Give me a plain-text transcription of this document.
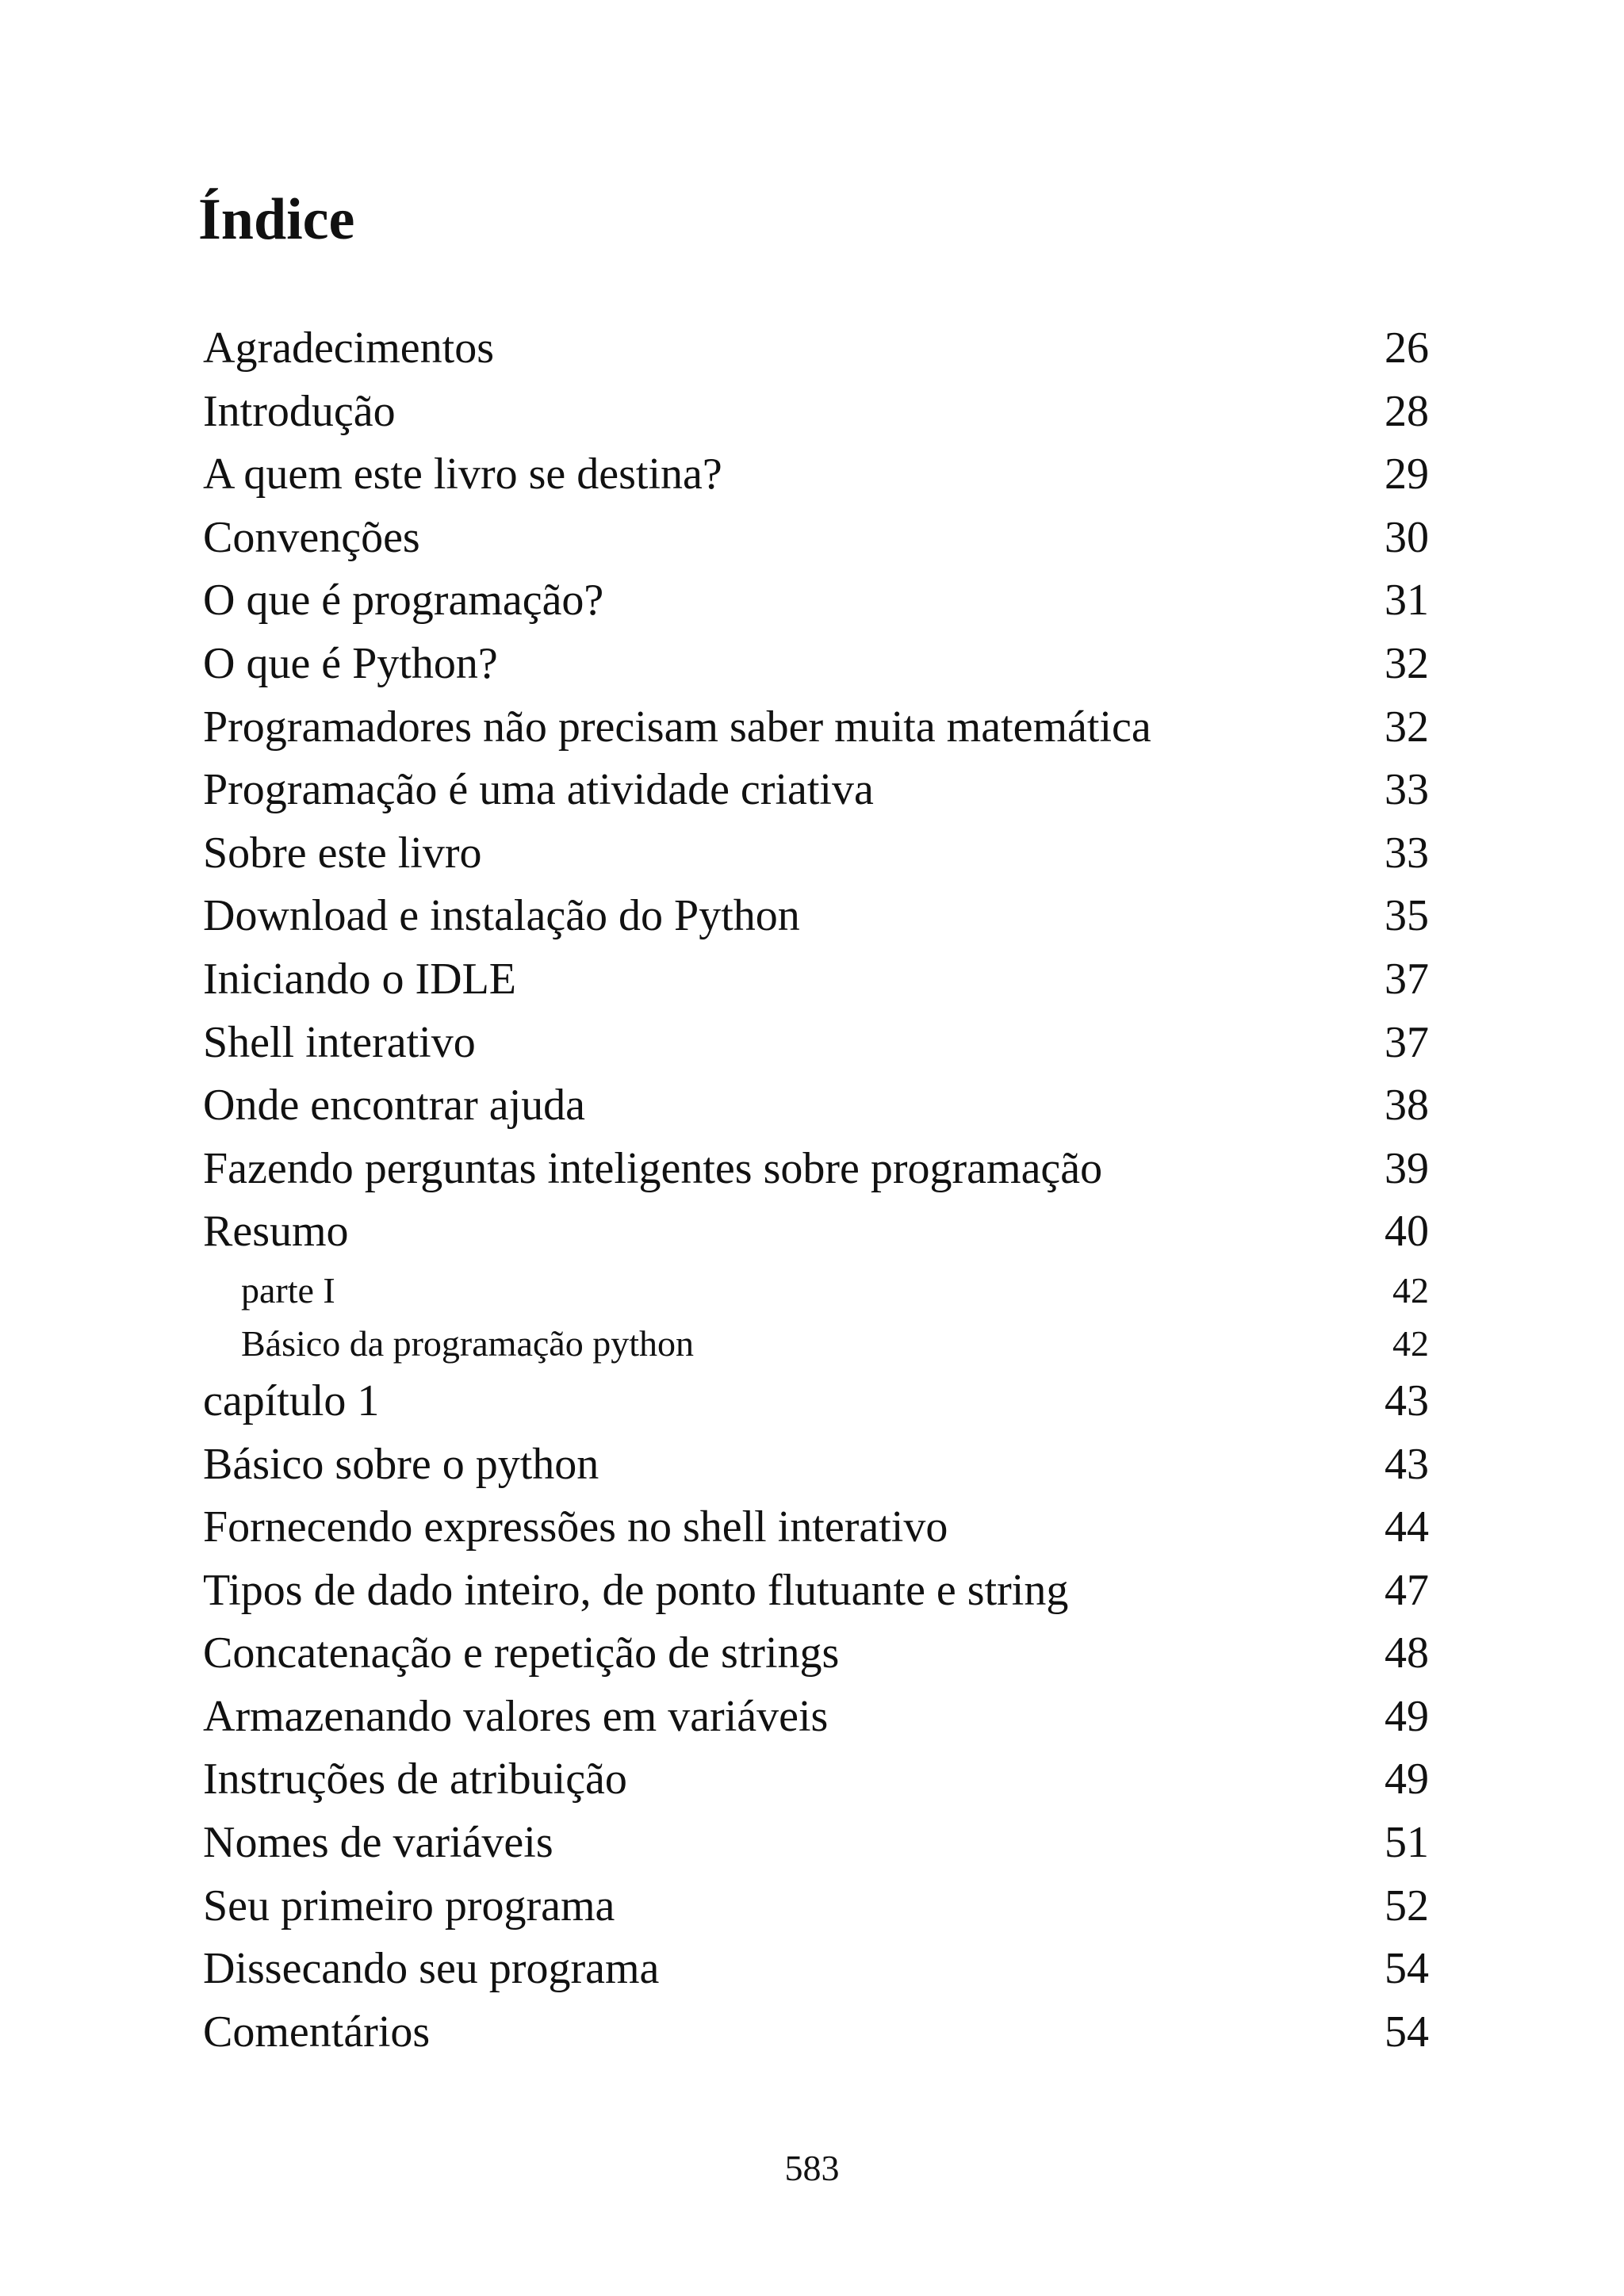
Índice
Agradecimentos	26
Introdução	28
A quem este livro se destina?	29
Convenções	30
O que é programação?	31
O que é Python?	32
Programadores não precisam saber muita matemática	32
Programação é uma atividade criativa	33
Sobre este livro	33
Download e instalação do Python	35
Iniciando o IDLE	37
Shell interativo	37
Onde encontrar ajuda	38
Fazendo perguntas inteligentes sobre programação	39
Resumo	40
parte I	42
Básico da programação python	42
capítulo 1	43
Básico sobre o python	43
Fornecendo expressões no shell interativo	44
Tipos de dado inteiro, de ponto flutuante e string	47
Concatenação e repetição de strings	48
Armazenando valores em variáveis	49
Instruções de atribuição	49
Nomes de variáveis	51
Seu primeiro programa	52
Dissecando seu programa	54
Comentários	54
583
